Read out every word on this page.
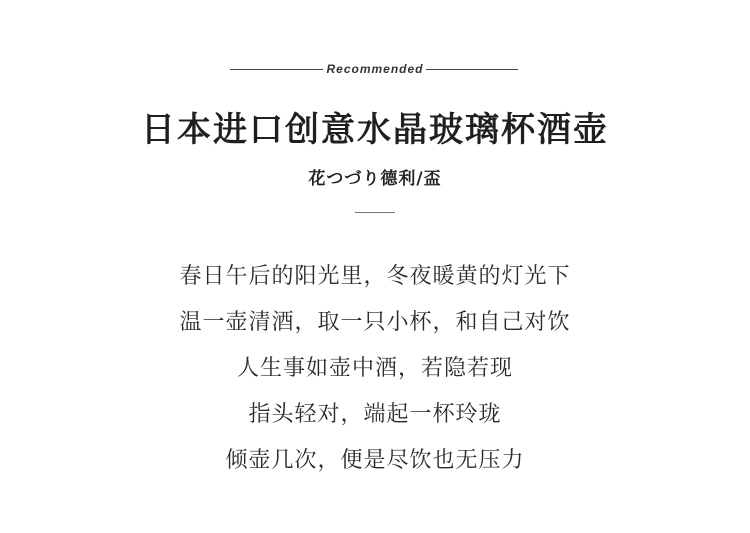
Recommended
日本进口创意水晶玻璃杯酒壶
花つづり德利/盃
春日午后的阳光里，冬夜暖黄的灯光下
温一壶清酒，取一只小杯，和自己对饮
人生事如壶中酒，若隐若现
指头轻对，端起一杯玲珑
倾壶几次，便是尽饮也无压力
